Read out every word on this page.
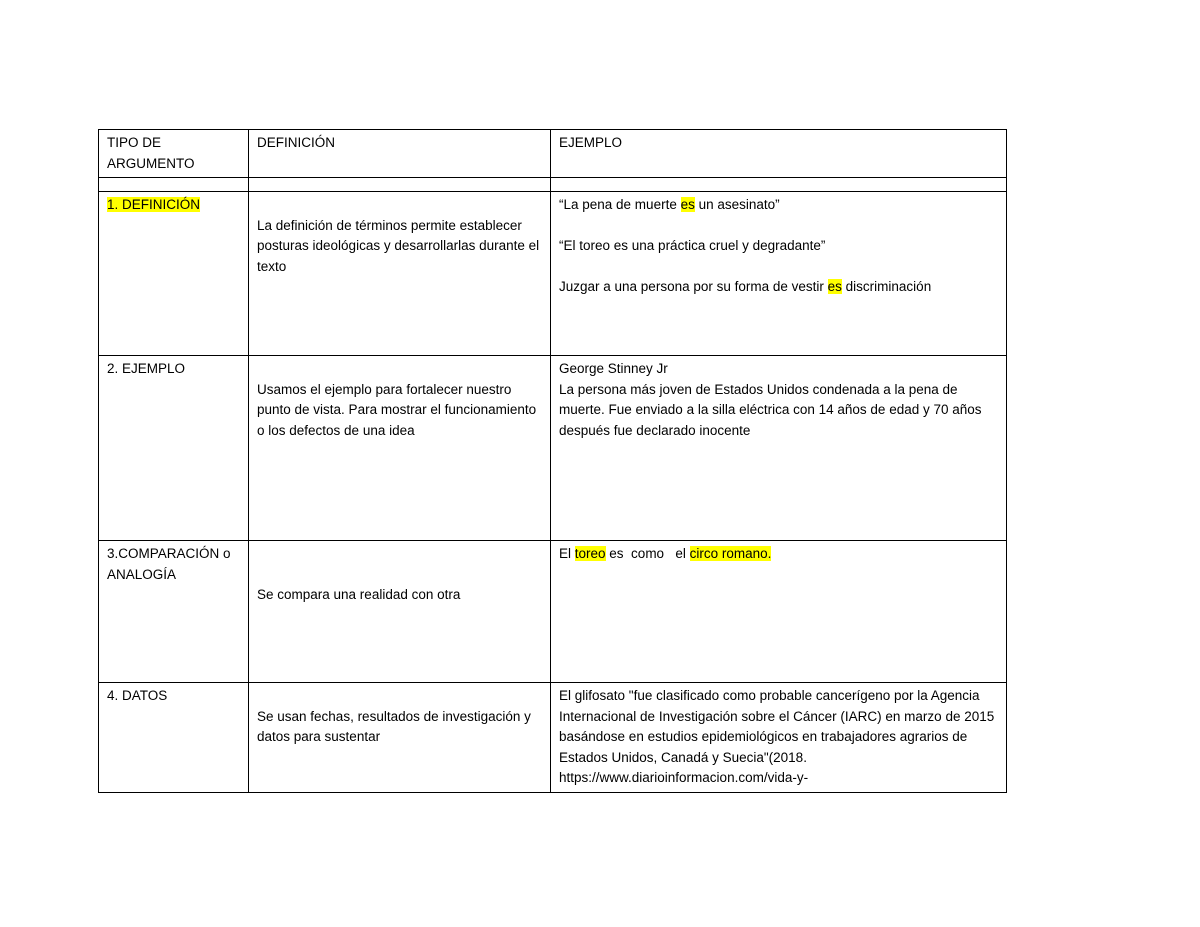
TIPO DE

ARGUMENTO	DEFINICIÓN	EJEMPLO

1. DEFINICIÓN	La definición de términos permite establecer posturas ideológicas y desarrollarlas durante el texto	“La pena de muerte es un asesinato”

“El toreo es una práctica cruel y degradante”

Juzgar a una persona por su forma de vestir es discriminación

2. EJEMPLO	Usamos el ejemplo para fortalecer nuestro punto de vista. Para mostrar el funcionamiento o los defectos de una idea	George Stinney Jr

La persona más joven de Estados Unidos condenada a la pena de muerte. Fue enviado a la silla eléctrica con 14 años de edad y 70 años después fue declarado inocente

3.COMPARACIÓN o

ANALOGÍA	Se compara una realidad con otra	El toreo es  como   el circo romano.

4. DATOS	Se usan fechas, resultados de investigación y datos para sustentar	El glifosato "fue clasificado como probable cancerígeno por la Agencia Internacional de Investigación sobre el Cáncer (IARC) en marzo de 2015 basándose en estudios epidemiológicos en trabajadores agrarios de Estados Unidos, Canadá y Suecia"(2018. https://www.diarioinformacion.com/vida-y-
